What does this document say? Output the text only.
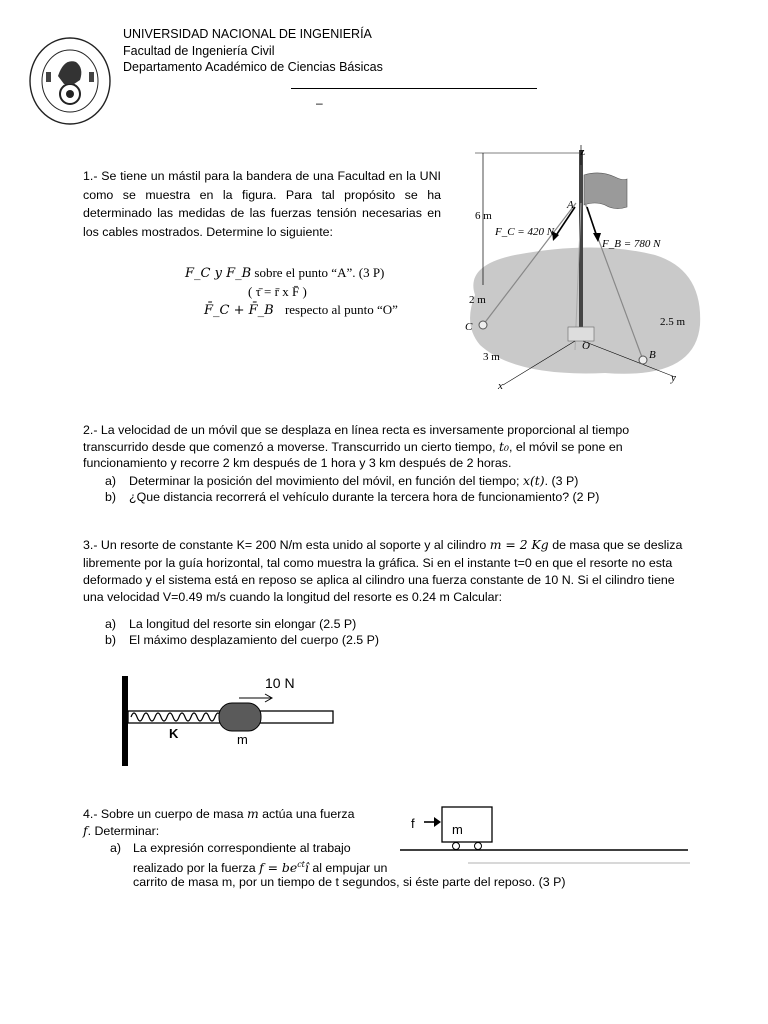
UNIVERSIDAD NACIONAL DE INGENIERÍA
Facultad de Ingeniería Civil
Departamento Académico de Ciencias Básicas
–
1.- Se tiene un mástil para la bandera de una Facultad en la UNI como se muestra en la figura. Para tal propósito se ha determinado las medidas de las fuerzas tensión necesarias en los cables mostrados. Determine lo siguiente:
F_C y F_B sobre el punto “A”. (3 P)
( τ̄ = r̄ x F̄ )
F̄_C + F̄_B respecto al punto “O”
z
A
6 m
F_C = 420 N
F_B = 780 N
2 m
C	2.5 m
B
O
3 m
x
y
2.- La velocidad de un móvil que se desplaza en línea recta es inversamente proporcional al tiempo
transcurrido desde que comenzó a moverse. Transcurrido un cierto tiempo, t₀, el móvil se pone en
funcionamiento y recorre 2 km después de 1 hora y 3 km después de 2 horas.
a) Determinar la posición del movimiento del móvil, en función del tiempo; x(t). (3 P)
b) ¿Que distancia recorrerá el vehículo durante la tercera hora de funcionamiento? (2 P)
3.- Un resorte de constante K= 200 N/m esta unido al soporte y al cilindro m = 2 Kg de masa que se desliza
libremente por la guía horizontal, tal como muestra la gráfica. Si en el instante t=0 en que el resorte no esta
deformado y el sistema está en reposo se aplica al cilindro una fuerza constante de 10 N. Si el cilindro tiene
una velocidad V=0.49 m/s cuando la longitud del resorte es 0.24 m Calcular:
a) La longitud del resorte sin elongar (2.5 P)
b) El máximo desplazamiento del cuerpo (2.5 P)
10 N
K	m
4.- Sobre un cuerpo de masa m actúa una fuerza
f. Determinar:
a) La expresión correspondiente al trabajo
realizado por la fuerza $f = be^{ct}î$ al empujar un
carrito de masa m, por un tiempo de t segundos, si éste parte del reposo. (3 P)
f	m
